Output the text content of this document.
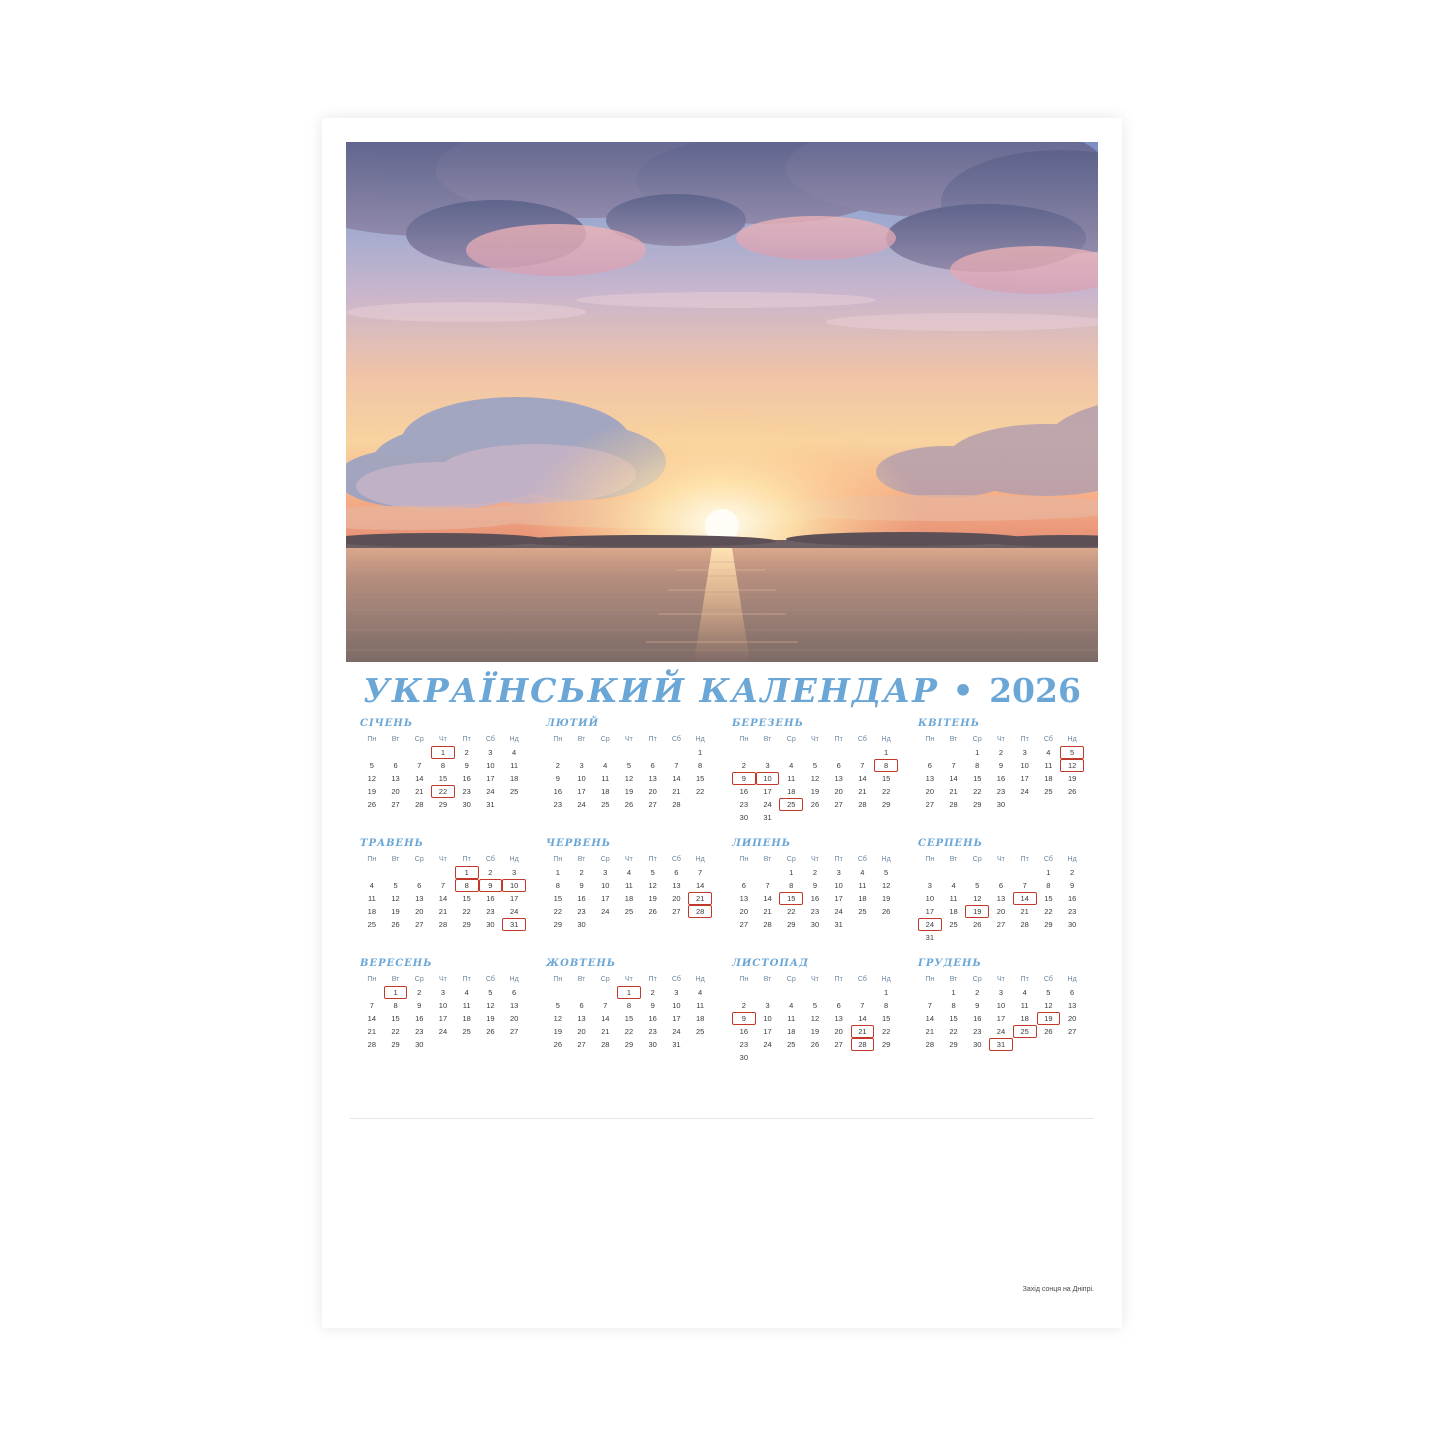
УКРАЇНСЬКИЙ КАЛЕНДАР • 2026
СІЧЕНЬ
Пн	Вт	Ср	Чт	Пт	Сб	Нд
			1	2	3	4
5	6	7	8	9	10	11
12	13	14	15	16	17	18
19	20	21	22	23	24	25
26	27	28	29	30	31	
ЛЮТИЙ
Пн	Вт	Ср	Чт	Пт	Сб	Нд
						1
2	3	4	5	6	7	8
9	10	11	12	13	14	15
16	17	18	19	20	21	22
23	24	25	26	27	28	
БЕРЕЗЕНЬ
Пн	Вт	Ср	Чт	Пт	Сб	Нд
						1
2	3	4	5	6	7	8
9	10	11	12	13	14	15
16	17	18	19	20	21	22
23	24	25	26	27	28	29
30	31					
КВІТЕНЬ
Пн	Вт	Ср	Чт	Пт	Сб	Нд
		1	2	3	4	5
6	7	8	9	10	11	12
13	14	15	16	17	18	19
20	21	22	23	24	25	26
27	28	29	30			
ТРАВЕНЬ
Пн	Вт	Ср	Чт	Пт	Сб	Нд
				1	2	3
4	5	6	7	8	9	10
11	12	13	14	15	16	17
18	19	20	21	22	23	24
25	26	27	28	29	30	31
ЧЕРВЕНЬ
Пн	Вт	Ср	Чт	Пт	Сб	Нд
1	2	3	4	5	6	7
8	9	10	11	12	13	14
15	16	17	18	19	20	21
22	23	24	25	26	27	28
29	30					
ЛИПЕНЬ
Пн	Вт	Ср	Чт	Пт	Сб	Нд
		1	2	3	4	5
6	7	8	9	10	11	12
13	14	15	16	17	18	19
20	21	22	23	24	25	26
27	28	29	30	31		
СЕРПЕНЬ
Пн	Вт	Ср	Чт	Пт	Сб	Нд
					1	2
3	4	5	6	7	8	9
10	11	12	13	14	15	16
17	18	19	20	21	22	23
24	25	26	27	28	29	30
31						
ВЕРЕСЕНЬ
Пн	Вт	Ср	Чт	Пт	Сб	Нд
	1	2	3	4	5	6
7	8	9	10	11	12	13
14	15	16	17	18	19	20
21	22	23	24	25	26	27
28	29	30				
ЖОВТЕНЬ
Пн	Вт	Ср	Чт	Пт	Сб	Нд
			1	2	3	4
5	6	7	8	9	10	11
12	13	14	15	16	17	18
19	20	21	22	23	24	25
26	27	28	29	30	31	
ЛИСТОПАД
Пн	Вт	Ср	Чт	Пт	Сб	Нд
						1
2	3	4	5	6	7	8
9	10	11	12	13	14	15
16	17	18	19	20	21	22
23	24	25	26	27	28	29
30						
ГРУДЕНЬ
Пн	Вт	Ср	Чт	Пт	Сб	Нд
	1	2	3	4	5	6
7	8	9	10	11	12	13
14	15	16	17	18	19	20
21	22	23	24	25	26	27
28	29	30	31			
Захід сонця на Дніпрі.
